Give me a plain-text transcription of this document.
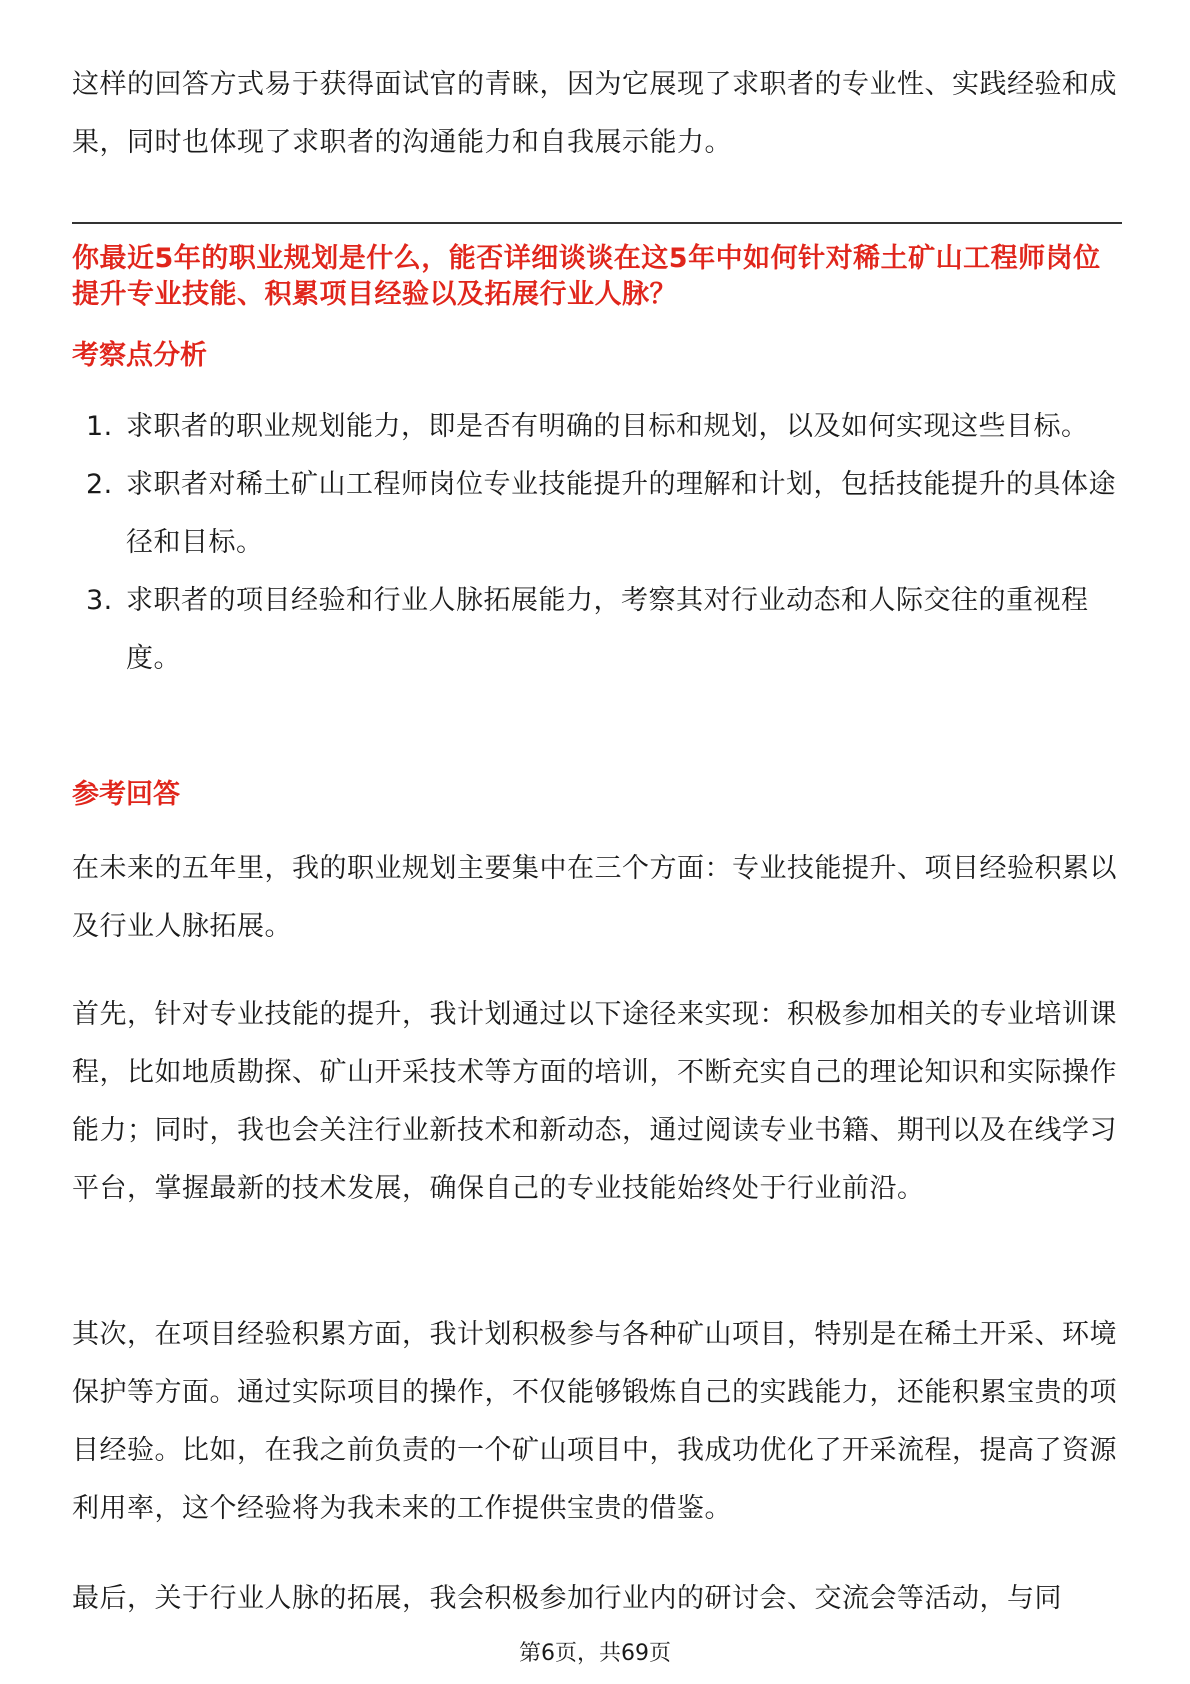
这样的回答方式易于获得面试官的青睐，因为它展现了求职者的专业性、实践经验和成果，同时也体现了求职者的沟通能力和自我展示能力。

你最近5年的职业规划是什么，能否详细谈谈在这5年中如何针对稀土矿山工程师岗位提升专业技能、积累项目经验以及拓展行业人脉？

考察点分析

1. 求职者的职业规划能力，即是否有明确的目标和规划，以及如何实现这些目标。
2. 求职者对稀土矿山工程师岗位专业技能提升的理解和计划，包括技能提升的具体途径和目标。
3. 求职者的项目经验和行业人脉拓展能力，考察其对行业动态和人际交往的重视程度。

参考回答

在未来的五年里，我的职业规划主要集中在三个方面：专业技能提升、项目经验积累以及行业人脉拓展。

首先，针对专业技能的提升，我计划通过以下途径来实现：积极参加相关的专业培训课程，比如地质勘探、矿山开采技术等方面的培训，不断充实自己的理论知识和实际操作能力；同时，我也会关注行业新技术和新动态，通过阅读专业书籍、期刊以及在线学习平台，掌握最新的技术发展，确保自己的专业技能始终处于行业前沿。

其次，在项目经验积累方面，我计划积极参与各种矿山项目，特别是在稀土开采、环境保护等方面。通过实际项目的操作，不仅能够锻炼自己的实践能力，还能积累宝贵的项目经验。比如，在我之前负责的一个矿山项目中，我成功优化了开采流程，提高了资源利用率，这个经验将为我未来的工作提供宝贵的借鉴。

最后，关于行业人脉的拓展，我会积极参加行业内的研讨会、交流会等活动，与同

第6页，共69页
